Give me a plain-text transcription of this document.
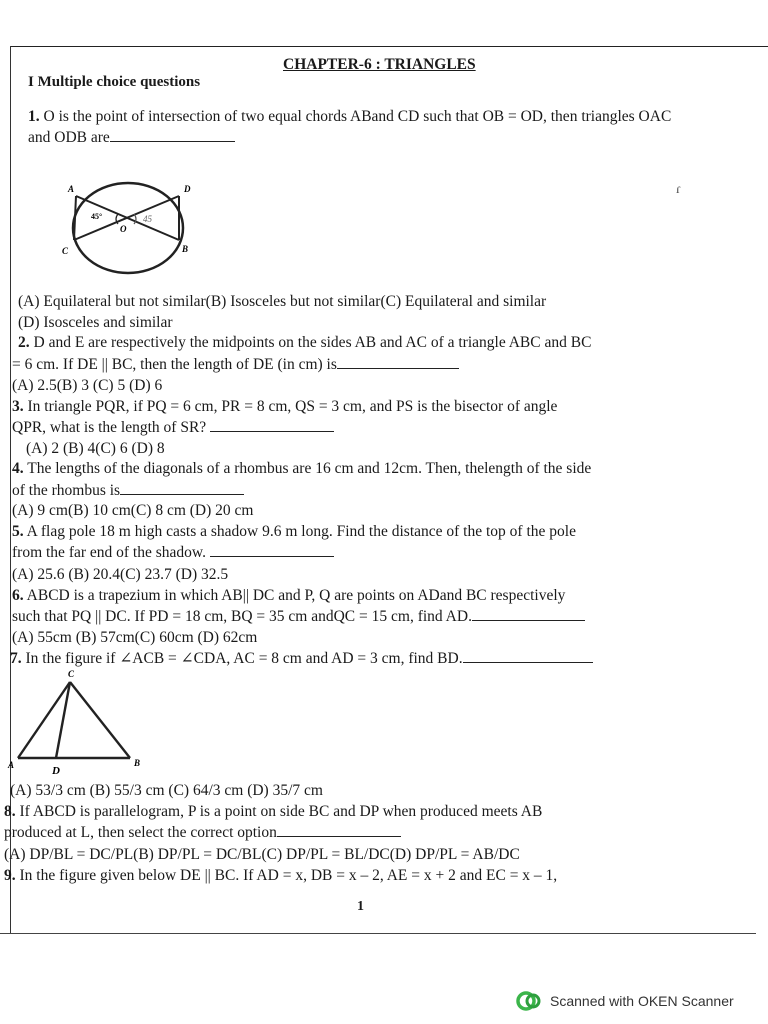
CHAPTER-6 : TRIANGLES
I Multiple choice questions
1. O is the point of intersection of two equal chords ABand CD such that OB = OD, then triangles OAC
and ODB are
A	D
C	B
O
45°	45
ɾ
(A) Equilateral but not similar(B) Isosceles but not similar(C) Equilateral and similar
(D) Isosceles and similar
2. D and E are respectively the midpoints on the sides AB and AC of a triangle ABC and BC
= 6 cm. If DE || BC, then the length of DE (in cm) is
(A) 2.5(B) 3 (C) 5 (D) 6
3. In triangle PQR, if PQ = 6 cm, PR = 8 cm, QS = 3 cm, and PS is the bisector of angle
QPR, what is the length of SR?
(A) 2 (B) 4(C) 6 (D) 8
4. The lengths of the diagonals of a rhombus are 16 cm and 12cm. Then, thelength of the side
of the rhombus is
(A) 9 cm(B) 10 cm(C) 8 cm (D) 20 cm
5. A flag pole 18 m high casts a shadow 9.6 m long. Find the distance of the top of the pole
from the far end of the shadow.
(A) 25.6 (B) 20.4(C) 23.7 (D) 32.5
6. ABCD is a trapezium in which AB|| DC and P, Q are points on ADand BC respectively
such that PQ || DC. If PD = 18 cm, BQ = 35 cm andQC = 15 cm, find AD.
(A) 55cm (B) 57cm(C) 60cm (D) 62cm
7. In the figure if ∠ACB = ∠CDA, AC = 8 cm and AD = 3 cm, find BD.
C
A	D
B
(A) 53/3 cm (B) 55/3 cm (C) 64/3 cm (D) 35/7 cm
8. If ABCD is parallelogram, P is a point on side BC and DP when produced meets AB
produced at L, then select the correct option
(A) DP/BL = DC/PL(B) DP/PL = DC/BL(C) DP/PL = BL/DC(D) DP/PL = AB/DC
9. In the figure given below DE || BC. If AD = x, DB = x – 2, AE = x + 2 and EC = x – 1,
1
Scanned with OKEN Scanner
